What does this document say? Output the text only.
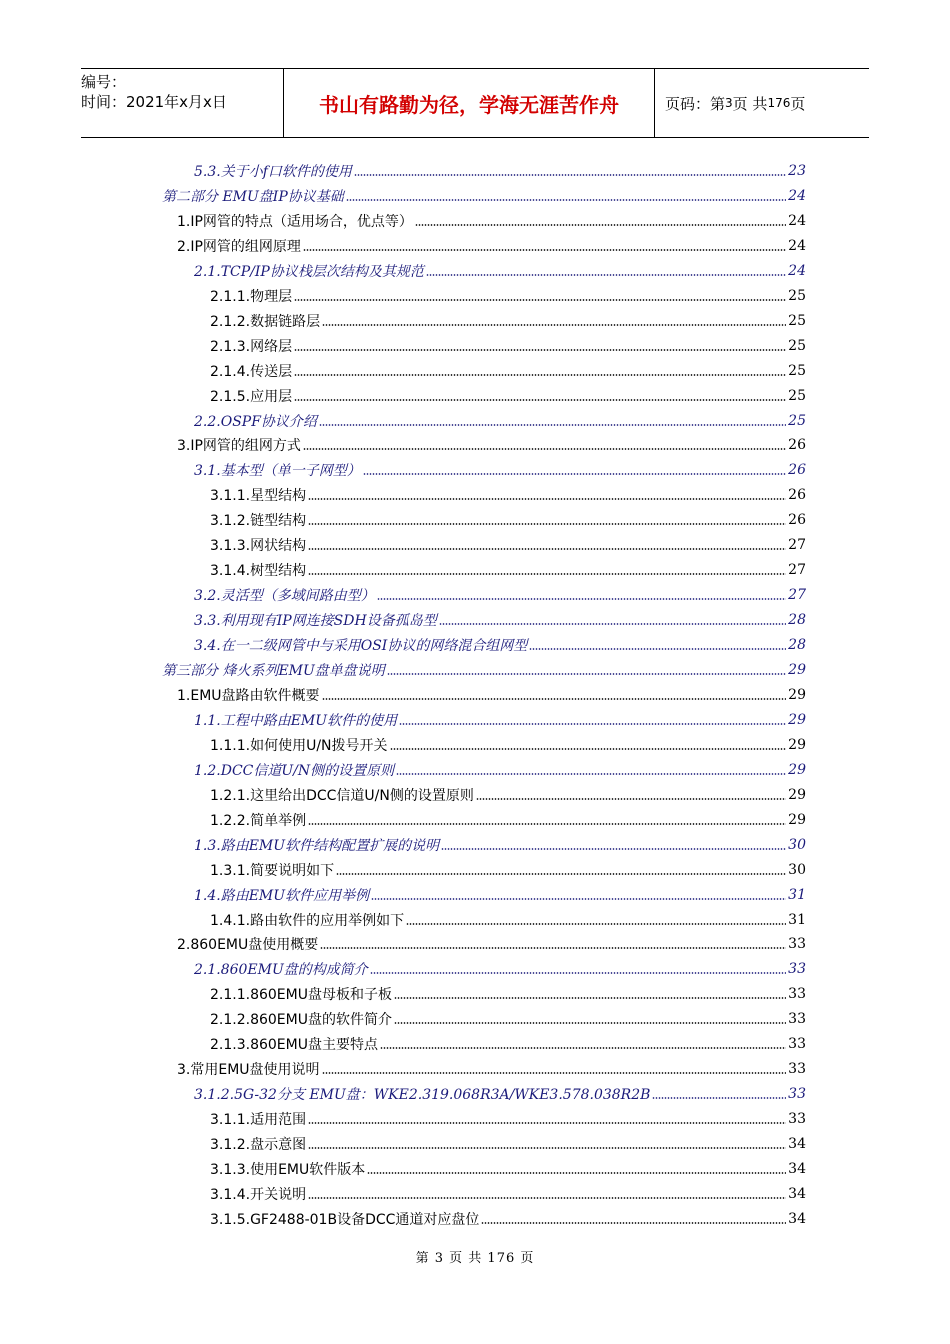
编号：
时间：2021年x月x日	书山有路勤为径，学海无涯苦作舟	页码：第 3 页 共 176 页
5.3.关于小f口软件的使用	23
第二部分 EMU盘IP协议基础	24
1.IP网管的特点（适用场合，优点等）	24
2.IP网管的组网原理	24
2.1.TCP/IP协议栈层次结构及其规范	24
2.1.1.物理层	25
2.1.2.数据链路层	25
2.1.3.网络层	25
2.1.4.传送层	25
2.1.5.应用层	25
2.2.OSPF协议介绍	25
3.IP网管的组网方式	26
3.1.基本型（单一子网型）	26
3.1.1.星型结构	26
3.1.2.链型结构	26
3.1.3.网状结构	27
3.1.4.树型结构	27
3.2.灵活型（多域间路由型）	27
3.3.利用现有IP网连接SDH设备孤岛型	28
3.4.在一二级网管中与采用OSI协议的网络混合组网型	28
第三部分 烽火系列EMU盘单盘说明	29
1.EMU盘路由软件概要	29
1.1.工程中路由EMU软件的使用	29
1.1.1.如何使用U/N拨号开关	29
1.2.DCC信道U/N侧的设置原则	29
1.2.1.这里给出DCC信道U/N侧的设置原则	29
1.2.2.简单举例	29
1.3.路由EMU软件结构配置扩展的说明	30
1.3.1.简要说明如下	30
1.4.路由EMU软件应用举例	31
1.4.1.路由软件的应用举例如下	31
2.860EMU盘使用概要	33
2.1.860EMU盘的构成简介	33
2.1.1.860EMU盘母板和子板	33
2.1.2.860EMU盘的软件简介	33
2.1.3.860EMU盘主要特点	33
3.常用EMU盘使用说明	33
3.1.2.5G-32分支 EMU盘：WKE2.319.068R3A/WKE3.578.038R2B	33
3.1.1.适用范围	33
3.1.2.盘示意图	34
3.1.3.使用EMU软件版本	34
3.1.4.开关说明	34
3.1.5.GF2488-01B设备DCC通道对应盘位	34
第 3 页 共 176 页
